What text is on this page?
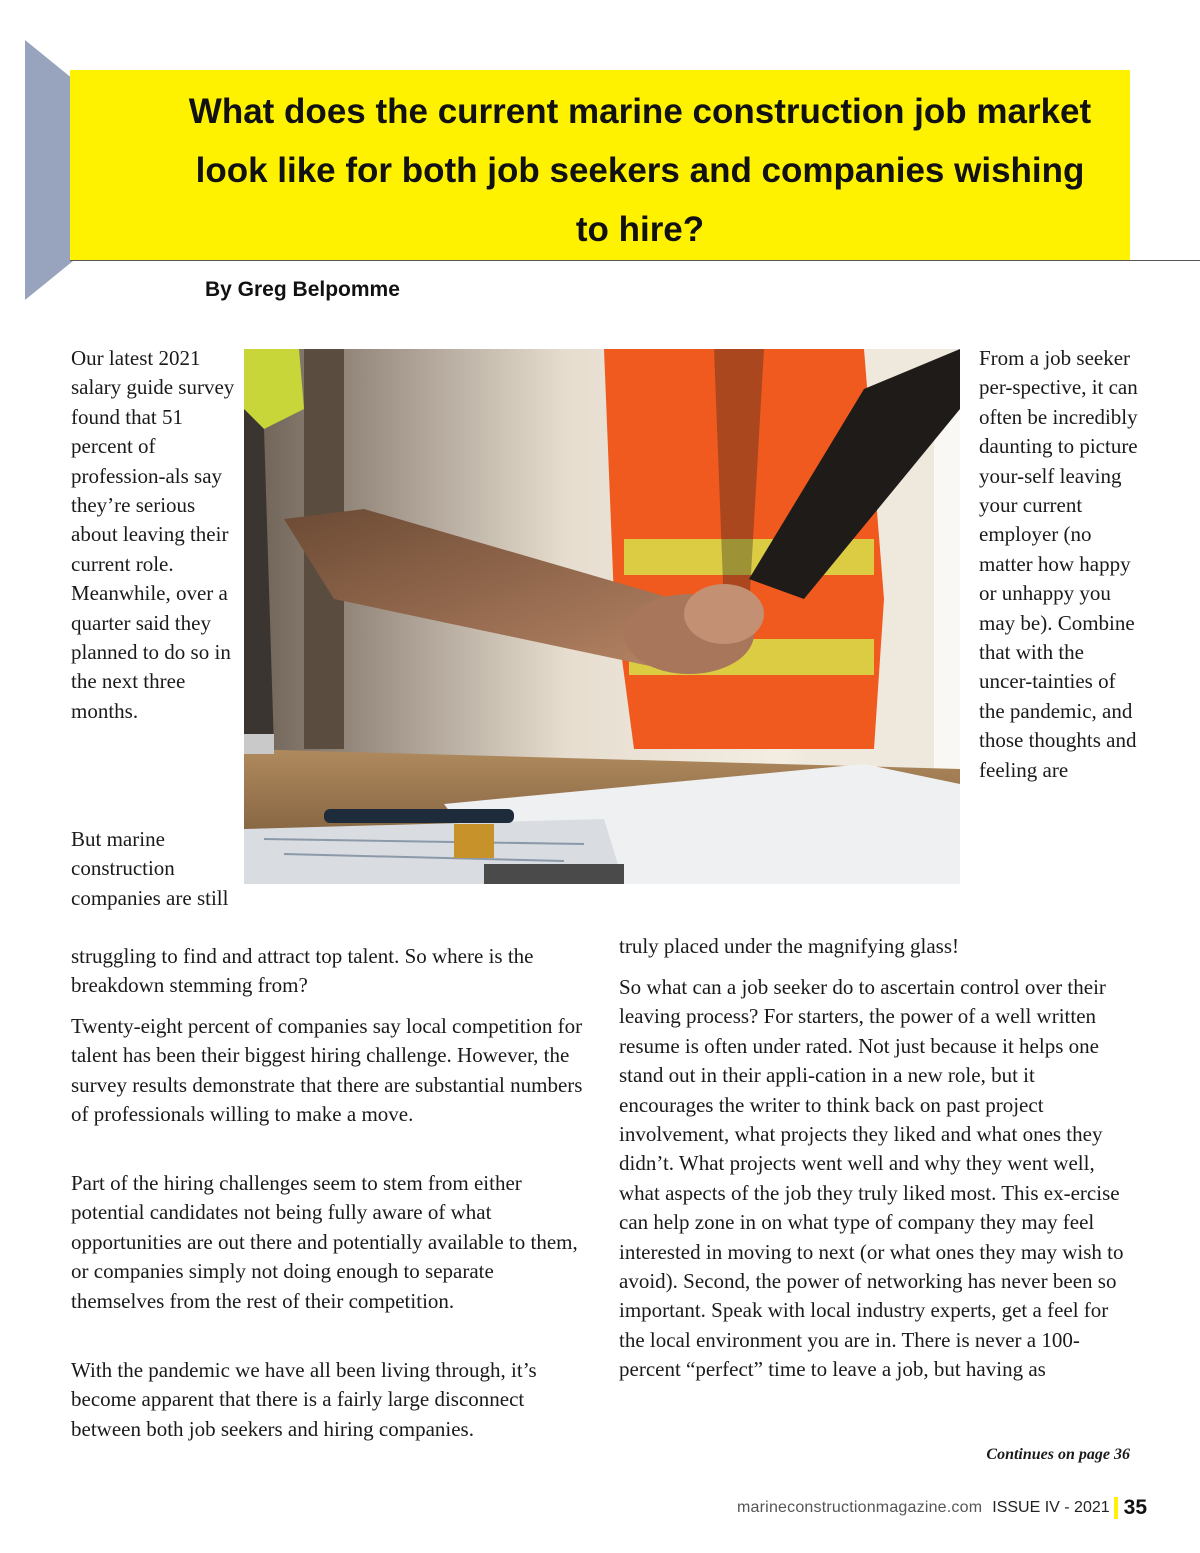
What does the current marine construction job market look like for both job seekers and companies wishing to hire?

By Greg Belpomme

Our latest 2021 salary guide survey found that 51 percent of profession-als say they’re serious about leaving their current role. Meanwhile, over a quarter said they planned to do so in the next three months.

But marine construction companies are still

From a job seeker per-spective, it can often be incredibly daunting to picture your-self leaving your current employer (no matter how happy or unhappy you may be). Combine that with the uncer-tainties of the pandemic, and those thoughts and feeling are

struggling to find and attract top talent. So where is the breakdown stemming from?

Twenty-eight percent of companies say local competition for talent has been their biggest hiring challenge. However, the survey results demonstrate that there are substantial numbers of professionals willing to make a move.

Part of the hiring challenges seem to stem from either potential candidates not being fully aware of what opportunities are out there and potentially available to them, or companies simply not doing enough to separate themselves from the rest of their competition.

With the pandemic we have all been living through, it’s become apparent that there is a fairly large disconnect between both job seekers and hiring companies.

truly placed under the magnifying glass!

So what can a job seeker do to ascertain control over their leaving process? For starters, the power of a well written resume is often under rated. Not just because it helps one stand out in their appli-cation in a new role, but it encourages the writer to think back on past project involvement, what projects they liked and what ones they didn’t. What projects went well and why they went well, what aspects of the job they truly liked most. This ex-ercise can help zone in on what type of company they may feel interested in moving to next (or what ones they may wish to avoid). Second, the power of networking has never been so important. Speak with local industry experts, get a feel for the local environment you are in. There is never a 100-percent “perfect” time to leave a job, but having as

Continues on page 36

marineconstructionmagazine.com ISSUE IV - 2021 35
